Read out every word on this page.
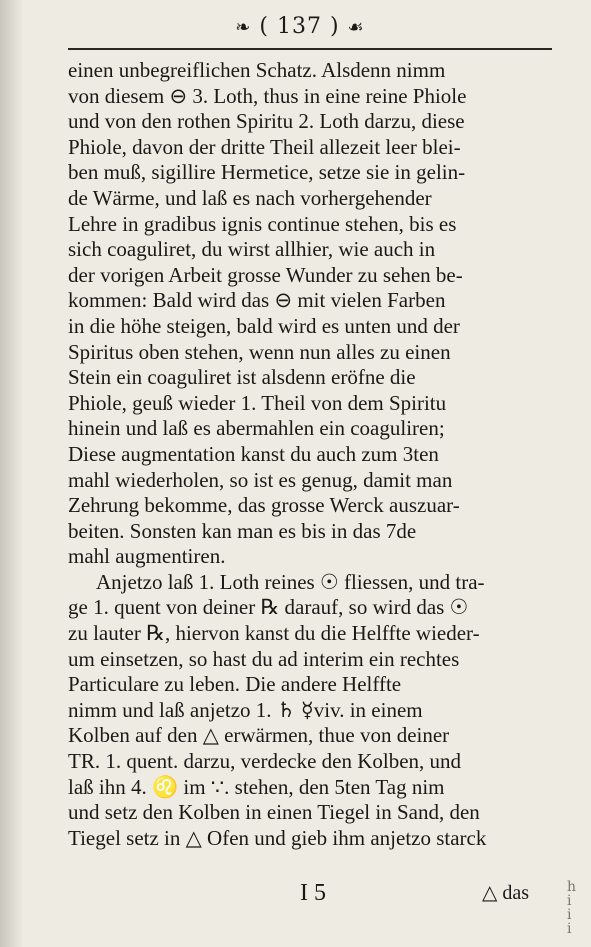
❧ ( 137 ) ☙
einen unbegreiflichen Schatz. Alsdenn nimm
von diesem ⊖ 3. Loth, thus in eine reine Phiole
und von den rothen Spiritu 2. Loth darzu, diese
Phiole, davon der dritte Theil allezeit leer blei-
ben muß, sigillire Hermetice, setze sie in gelin-
de Wärme, und laß es nach vorhergehender
Lehre in gradibus ignis continue stehen, bis es
sich coaguliret, du wirst allhier, wie auch in
der vorigen Arbeit grosse Wunder zu sehen be-
kommen: Bald wird das ⊖ mit vielen Farben
in die höhe steigen, bald wird es unten und der
Spiritus oben stehen, wenn nun alles zu einen
Stein ein coaguliret ist alsdenn eröfne die
Phiole, geuß wieder 1. Theil von dem Spiritu
hinein und laß es abermahlen ein coaguliren;
Diese augmentation kanst du auch zum 3ten
mahl wiederholen, so ist es genug, damit man
Zehrung bekomme, das grosse Werck auszuar-
beiten. Sonsten kan man es bis in das 7de
mahl augmentiren.
Anjetzo laß 1. Loth reines ☉ fliessen, und tra-
ge 1. quent von deiner ℞ darauf, so wird das ☉
zu lauter ℞, hiervon kanst du die Helffte wieder-
um einsetzen, so hast du ad interim ein rechtes
Particulare zu leben. Die andere Helffte
nimm und laß anjetzo 1. ♄ ☿viv. in einem
Kolben auf den △ erwärmen, thue von deiner
TR. 1. quent. darzu, verdecke den Kolben, und
laß ihn 4. ♌ im ∵. stehen, den 5ten Tag nim
und setz den Kolben in einen Tiegel in Sand, den
Tiegel setz in △ Ofen und gieb ihm anjetzo starck
I 5	△ das	h
i
i
i
